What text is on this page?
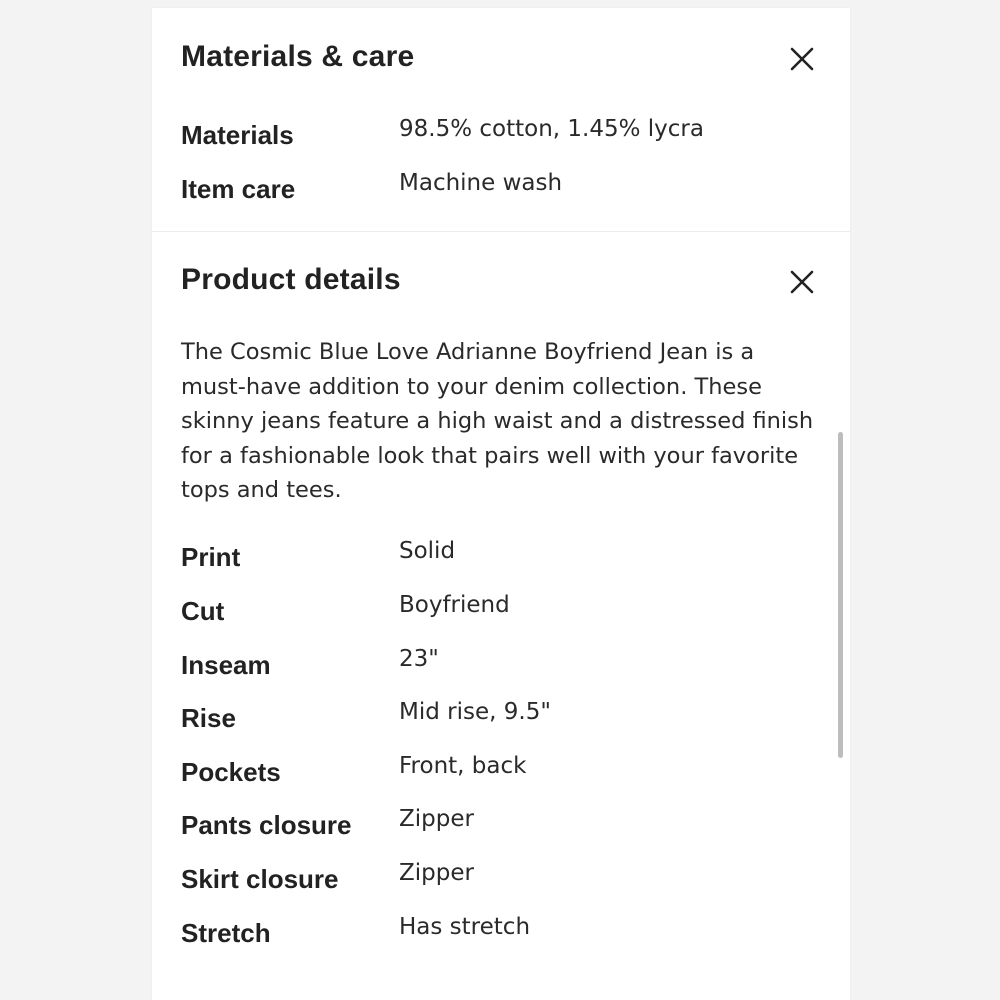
Materials & care
Materials	98.5% cotton, 1.45% lycra
Item care	Machine wash
Product details

The Cosmic Blue Love Adrianne Boyfriend Jean is a must-have addition to your denim collection. These skinny jeans feature a high waist and a distressed finish for a fashionable look that pairs well with your favorite tops and tees.

Print	Solid
Cut	Boyfriend
Inseam	23"
Rise	Mid rise, 9.5"
Pockets	Front, back
Pants closure Zipper
Skirt closure	Zipper
Stretch	Has stretch
